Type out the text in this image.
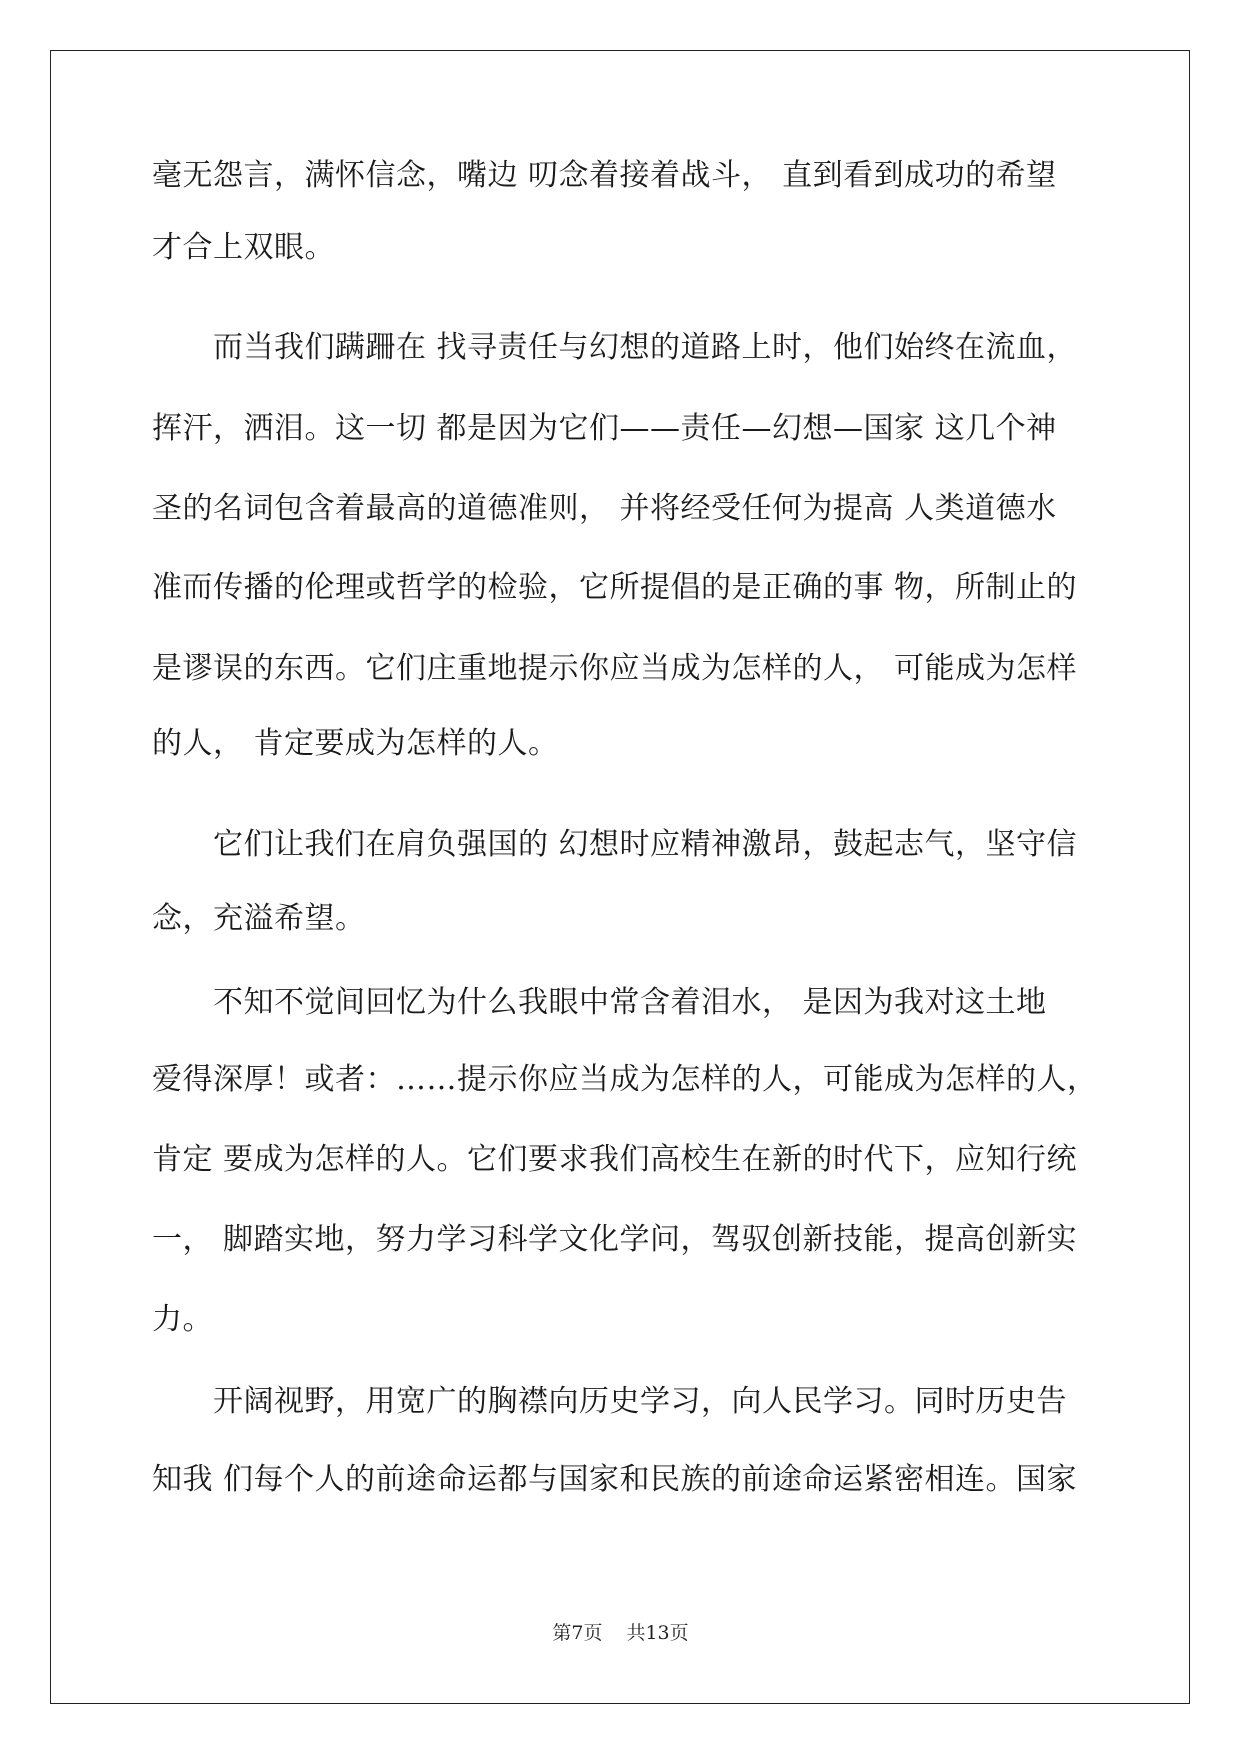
毫无怨言，满怀信念，嘴边 叨念着接着战斗， 直到看到成功的希望
才合上双眼。
　　而当我们蹒跚在 找寻责任与幻想的道路上时，他们始终在流血，
挥汗，洒泪。这一切 都是因为它们——责任—幻想—国家 这几个神
圣的名词包含着最高的道德准则， 并将经受任何为提高 人类道德水
准而传播的伦理或哲学的检验，它所提倡的是正确的事 物，所制止的
是谬误的东西。它们庄重地提示你应当成为怎样的人， 可能成为怎样
的人， 肯定要成为怎样的人。
　　它们让我们在肩负强国的 幻想时应精神激昂，鼓起志气，坚守信
念，充溢希望。
　　不知不觉间回忆为什么我眼中常含着泪水， 是因为我对这土地
爱得深厚！或者：……提示你应当成为怎样的人，可能成为怎样的人，
肯定 要成为怎样的人。它们要求我们高校生在新的时代下，应知行统
一， 脚踏实地，努力学习科学文化学问，驾驭创新技能，提高创新实
力。
　　开阔视野，用宽广的胸襟向历史学习，向人民学习。同时历史告
知我 们每个人的前途命运都与国家和民族的前途命运紧密相连。国家
第7页 共13页
